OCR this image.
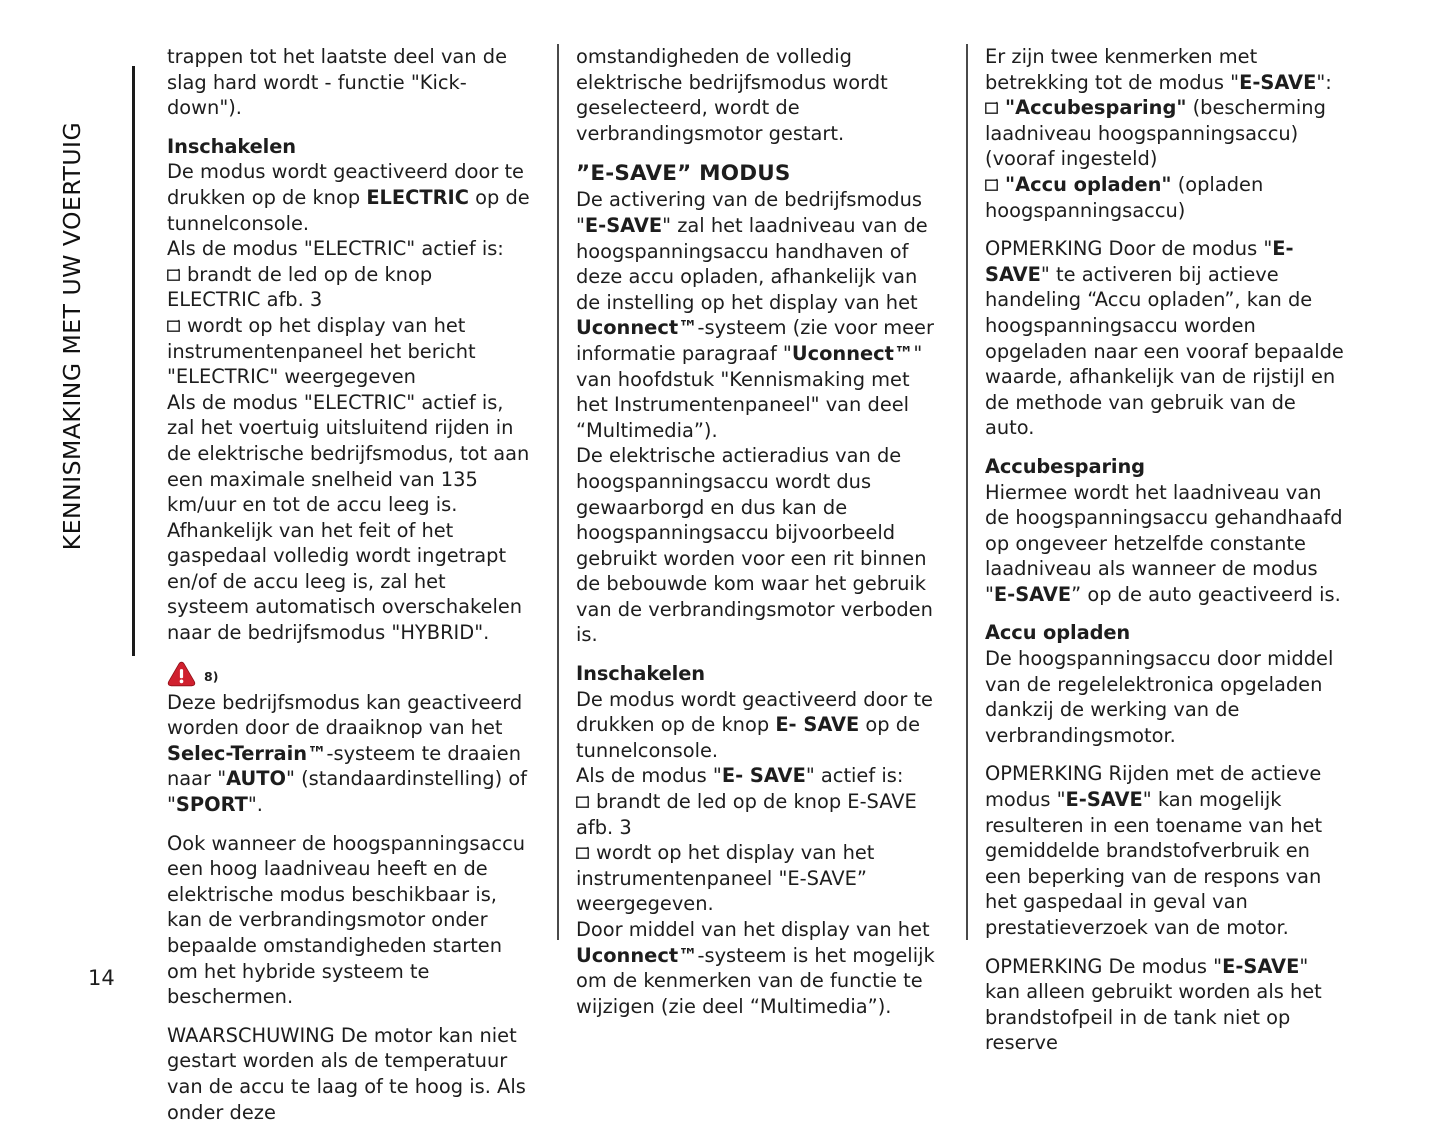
KENNISMAKING MET UW VOERTUIG

trappen tot het laatste deel van de slag hard wordt - functie "Kick-down").

Inschakelen

De modus wordt geactiveerd door te drukken op de knop ELECTRIC op de tunnelconsole.

Als de modus "ELECTRIC" actief is:

brandt de led op de knop ELECTRIC afb. 3

wordt op het display van het instrumentenpaneel het bericht "ELECTRIC" weergegeven

Als de modus "ELECTRIC" actief is, zal het voertuig uitsluitend rijden in de elektrische bedrijfsmodus, tot aan een maximale snelheid van 135 km/uur en tot de accu leeg is. Afhankelijk van het feit of het gaspedaal volledig wordt ingetrapt en/of de accu leeg is, zal het systeem automatisch overschakelen naar de bedrijfsmodus "HYBRID".

8)

Deze bedrijfsmodus kan geactiveerd worden door de draaiknop van het Selec-Terrain™-systeem te draaien naar "AUTO" (standaardinstelling) of "SPORT".

Ook wanneer de hoogspanningsaccu een hoog laadniveau heeft en de elektrische modus beschikbaar is, kan de verbrandingsmotor onder bepaalde omstandigheden starten om het hybride systeem te beschermen.

WAARSCHUWING De motor kan niet gestart worden als de temperatuur van de accu te laag of te hoog is. Als onder deze

omstandigheden de volledig elektrische bedrijfsmodus wordt geselecteerd, wordt de verbrandingsmotor gestart.

”E-SAVE” MODUS

De activering van de bedrijfsmodus "E-SAVE" zal het laadniveau van de hoogspanningsaccu handhaven of deze accu opladen, afhankelijk van de instelling op het display van het Uconnect™-systeem (zie voor meer informatie paragraaf "Uconnect™" van hoofdstuk "Kennismaking met het Instrumentenpaneel" van deel “Multimedia”).

De elektrische actieradius van de hoogspanningsaccu wordt dus gewaarborgd en dus kan de hoogspanningsaccu bijvoorbeeld gebruikt worden voor een rit binnen de bebouwde kom waar het gebruik van de verbrandingsmotor verboden is.

Inschakelen

De modus wordt geactiveerd door te drukken op de knop E- SAVE op de tunnelconsole.

Als de modus "E- SAVE" actief is:

brandt de led op de knop E-SAVE afb. 3

wordt op het display van het instrumentenpaneel "E-SAVE” weergegeven.

Door middel van het display van het Uconnect™-systeem is het mogelijk om de kenmerken van de functie te wijzigen (zie deel “Multimedia”).

Er zijn twee kenmerken met betrekking tot de modus "E-SAVE":

"Accubesparing" (bescherming laadniveau hoogspanningsaccu) (vooraf ingesteld)

"Accu opladen" (opladen hoogspanningsaccu)

OPMERKING Door de modus "E-SAVE" te activeren bij actieve handeling “Accu opladen”, kan de hoogspanningsaccu worden opgeladen naar een vooraf bepaalde waarde, afhankelijk van de rijstijl en de methode van gebruik van de auto.

Accubesparing

Hiermee wordt het laadniveau van de hoogspanningsaccu gehandhaafd op ongeveer hetzelfde constante laadniveau als wanneer de modus "E-SAVE” op de auto geactiveerd is.

Accu opladen

De hoogspanningsaccu door middel van de regelelektronica opgeladen dankzij de werking van de verbrandingsmotor.

OPMERKING Rijden met de actieve modus "E-SAVE" kan mogelijk resulteren in een toename van het gemiddelde brandstofverbruik en een beperking van de respons van het gaspedaal in geval van prestatieverzoek van de motor.

OPMERKING De modus "E-SAVE" kan alleen gebruikt worden als het brandstofpeil in de tank niet op reserve

14
